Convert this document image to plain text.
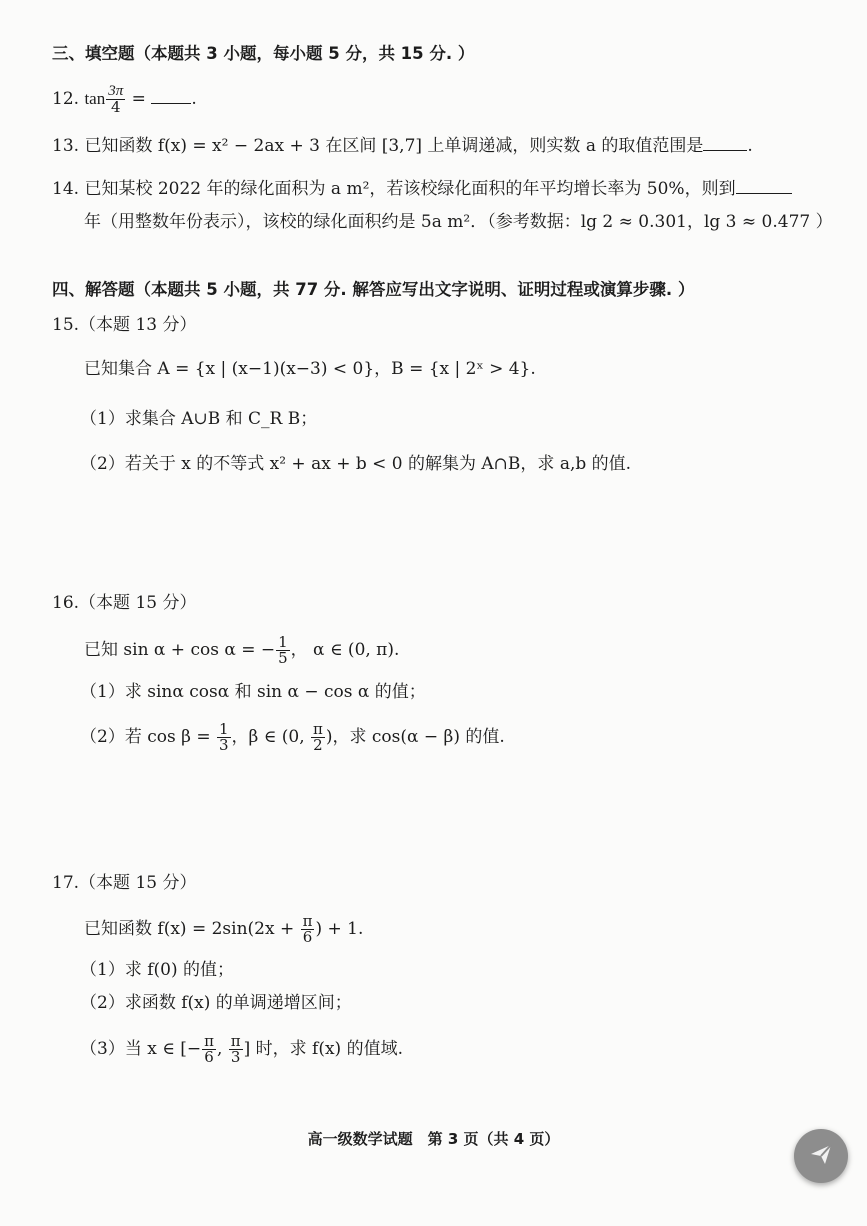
三、填空题（本题共 3 小题，每小题 5 分，共 15 分. ）
12. $\tan \frac{3\pi}{4}$ = .
13. 已知函数 f(x) = x² − 2ax + 3 在区间 [3,7] 上单调递减，则实数 a 的取值范围是	.
14. 已知某校 2022 年的绿化面积为 a m²，若该校绿化面积的年平均增长率为 50%，则到
年（用整数年份表示），该校的绿化面积约是 5a m²．（参考数据：lg 2 ≈ 0.301，lg 3 ≈ 0.477 ）
四、解答题（本题共 5 小题，共 77 分. 解答应写出文字说明、证明过程或演算步骤. ）
15.（本题 13 分）
已知集合 A = {x | (x−1)(x−3) < 0}，B = {x | 2ˣ > 4}.
（1）求集合 A∪B 和 C_R B；
（2）若关于 x 的不等式 x² + ax + b < 0 的解集为 A∩B，求 a,b 的值.
16.（本题 15 分）
已知 sin α + cos α = − $\frac{1}{5}$ ， α ∈ (0, π).
（1）求 sinα cosα 和 sin α − cos α 的值；
（2）若 $\cos \beta = \frac{1}{3}$ ，β ∈ (0, $\frac{\pi}{2}$ )，求 cos(α − β) 的值.
17.（本题 15 分）
已知函数 $f(x) = 2\sin(2x + \frac{\pi}{6}$ ) + 1.
（1）求 f(0) 的值；
（2）求函数 f(x) 的单调递增区间；
（3）当 x ∈ [− $\frac{\pi}{6}$ , $\frac{\pi}{3}$ ] 时，求 f(x) 的值域.
高一级数学试题　第 3 页（共 4 页）
